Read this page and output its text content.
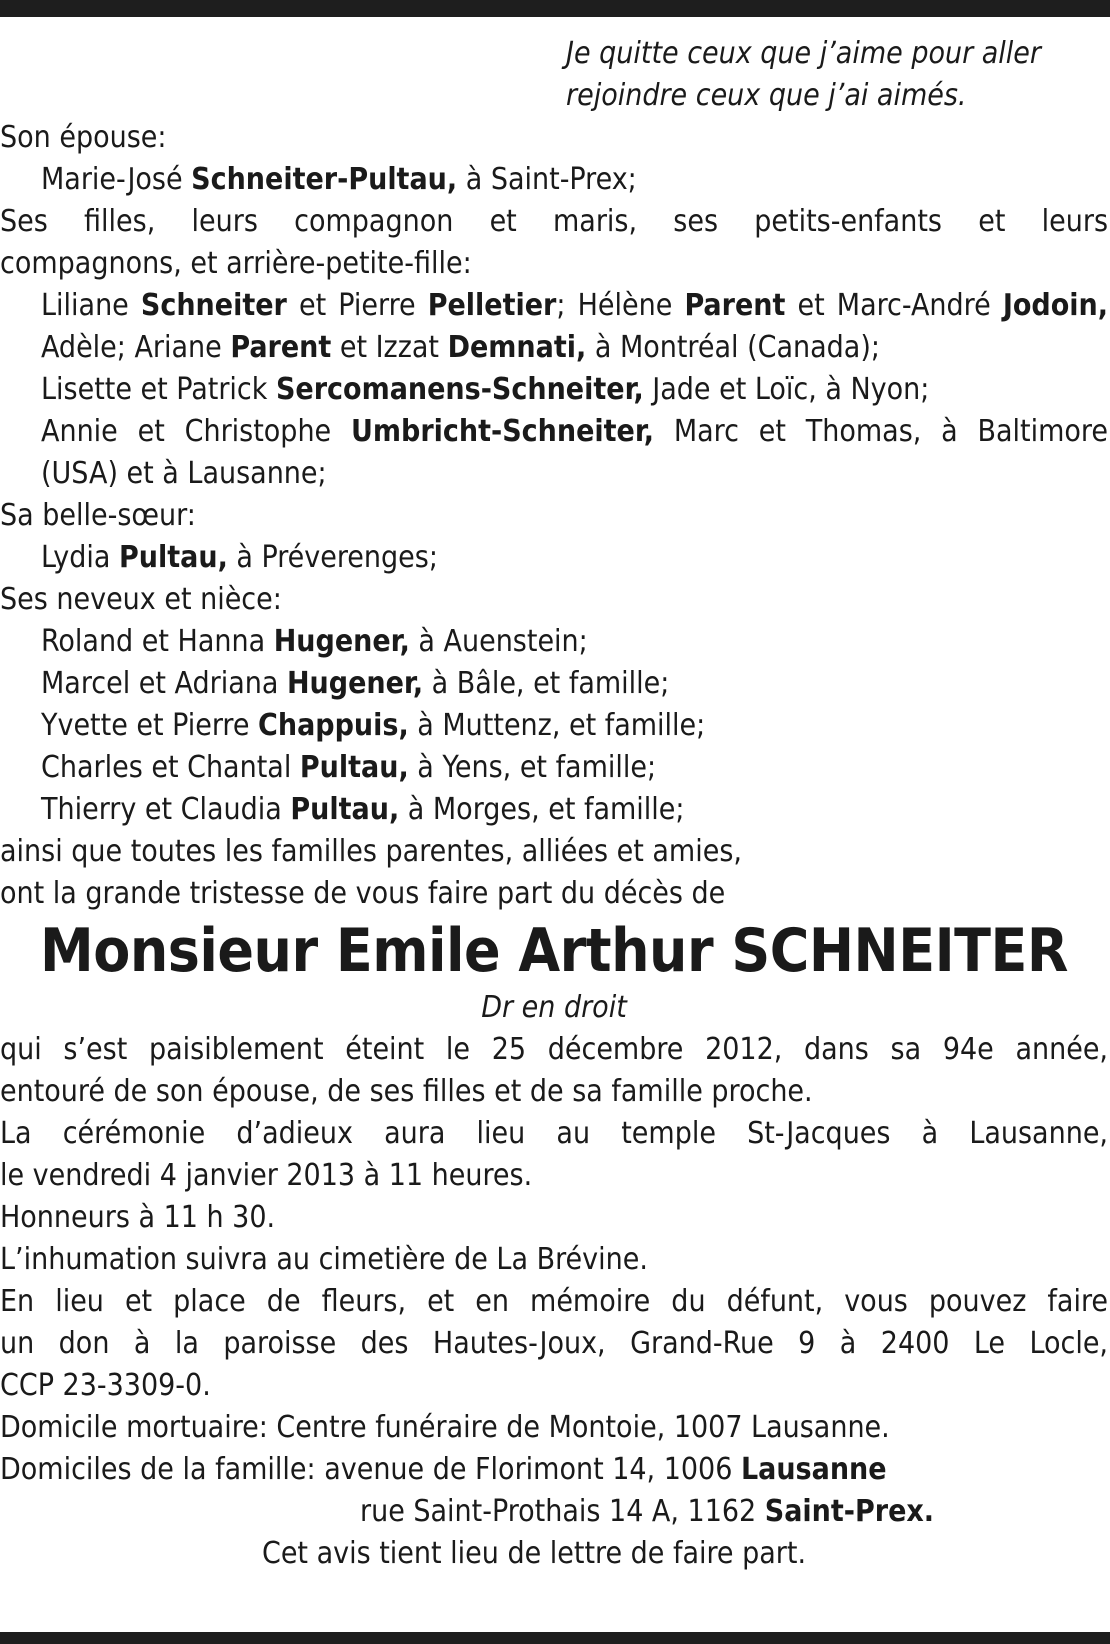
Je quitte ceux que j’aime pour aller

rejoindre ceux que j’ai aimés.

Son épouse:

Marie-José Schneiter-Pultau, à Saint-Prex;

Ses filles, leurs compagnon et maris, ses petits-enfants et leurs

compagnons, et arrière-petite-fille:

Liliane Schneiter et Pierre Pelletier; Hélène Parent et Marc-André Jodoin, Adèle; Ariane Parent et Izzat Demnati, à Montréal (Canada);

Lisette et Patrick Sercomanens-Schneiter, Jade et Loïc, à Nyon;

Annie et Christophe Umbricht-Schneiter, Marc et Thomas, à Baltimore

(USA) et à Lausanne;

Sa belle-sœur:

Lydia Pultau, à Préverenges;

Ses neveux et nièce:

Roland et Hanna Hugener, à Auenstein;

Marcel et Adriana Hugener, à Bâle, et famille;

Yvette et Pierre Chappuis, à Muttenz, et famille;

Charles et Chantal Pultau, à Yens, et famille;

Thierry et Claudia Pultau, à Morges, et famille;

ainsi que toutes les familles parentes, alliées et amies,

ont la grande tristesse de vous faire part du décès de

Monsieur Emile Arthur SCHNEITER

Dr en droit

qui s’est paisiblement éteint le 25 décembre 2012, dans sa 94e année,

entouré de son épouse, de ses filles et de sa famille proche.

La cérémonie d’adieux aura lieu au temple St-Jacques à Lausanne,

le vendredi 4 janvier 2013 à 11 heures.

Honneurs à 11 h 30.

L’inhumation suivra au cimetière de La Brévine.

En lieu et place de fleurs, et en mémoire du défunt, vous pouvez faire

un don à la paroisse des Hautes-Joux, Grand-Rue 9 à 2400 Le Locle,

CCP 23-3309-0.

Domicile mortuaire: Centre funéraire de Montoie, 1007 Lausanne.

Domiciles de la famille: avenue de Florimont 14, 1006 Lausanne

rue Saint-Prothais 14 A, 1162 Saint-Prex.

Cet avis tient lieu de lettre de faire part.
